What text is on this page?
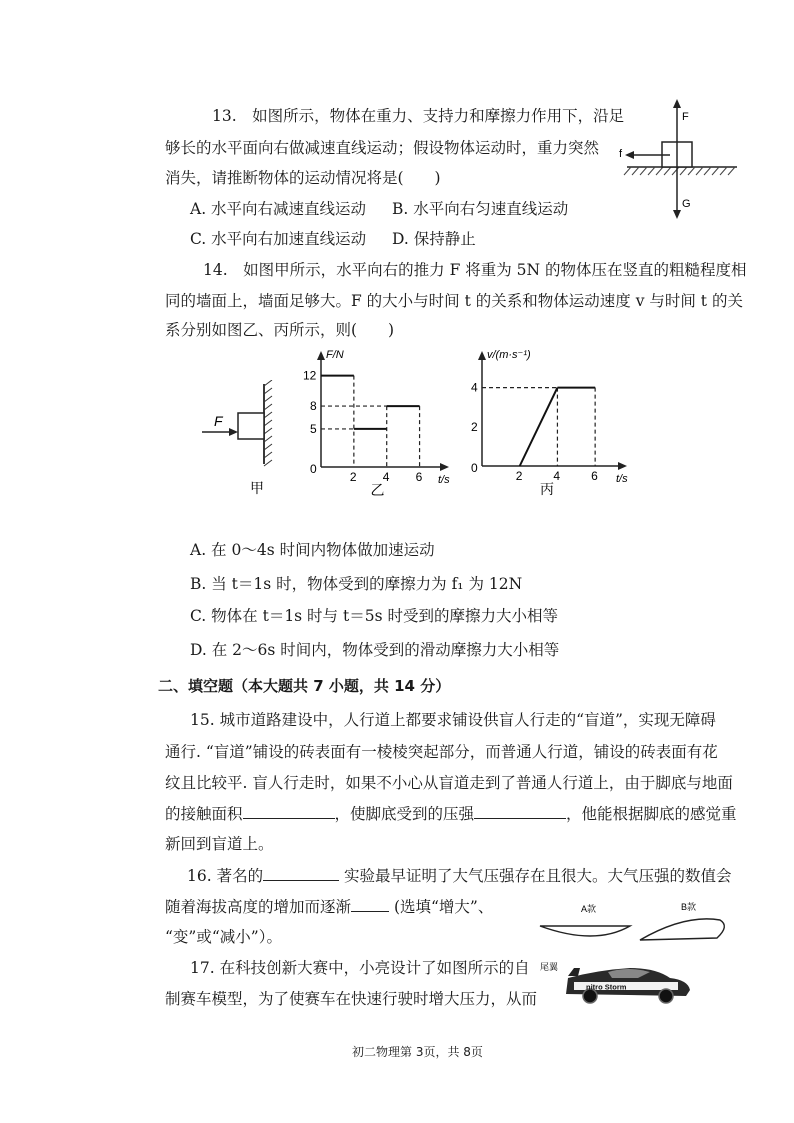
13.　如图所示，物体在重力、支持力和摩擦力作用下，沿足
够长的水平面向右做减速直线运动；假设物体运动时，重力突然
消失，请推断物体的运动情况将是(　　)
A. 水平向右减速直线运动 B. 水平向右匀速直线运动
C. 水平向右加速直线运动 D. 保持静止
F
f
G
14.　如图甲所示，水平向右的推力 F 将重为 5N 的物体压在竖直的粗糙程度相
同的墙面上，墙面足够大。F 的大小与时间 t 的关系和物体运动速度 v 与时间 t 的关
系分别如图乙、丙所示，则(　　)
F
甲
2 4 6
0
5
8
12
F/N
t/s
乙
2	4	6
0
2
4
v/(m·s⁻¹)
t/s
丙
A. 在 0～4s 时间内物体做加速运动
B. 当 t＝1s 时，物体受到的摩擦力为 f₁ 为 12N
C. 物体在 t＝1s 时与 t＝5s 时受到的摩擦力大小相等
D. 在 2～6s 时间内，物体受到的滑动摩擦力大小相等
二、填空题（本大题共 7 小题，共 14 分）
15. 城市道路建设中，人行道上都要求铺设供盲人行走的“盲道”，实现无障碍
通行. “盲道”铺设的砖表面有一棱棱突起部分，而普通人行道，铺设的砖表面有花
纹且比较平. 盲人行走时，如果不小心从盲道走到了普通人行道上，由于脚底与地面
的接触面积	，使脚底受到的压强	，他能根据脚底的感觉重
新回到盲道上。
16. 著名的	实验最早证明了大气压强存在且很大。大气压强的数值会
随着海拔高度的增加而逐渐	(选填“增大”、
“变”或“减小”）。
A款	B款
17. 在科技创新大赛中，小亮设计了如图所示的自
制赛车模型，为了使赛车在快速行驶时增大压力，从而
尾翼
nitro Storm
初二物理第 3页，共 8页
